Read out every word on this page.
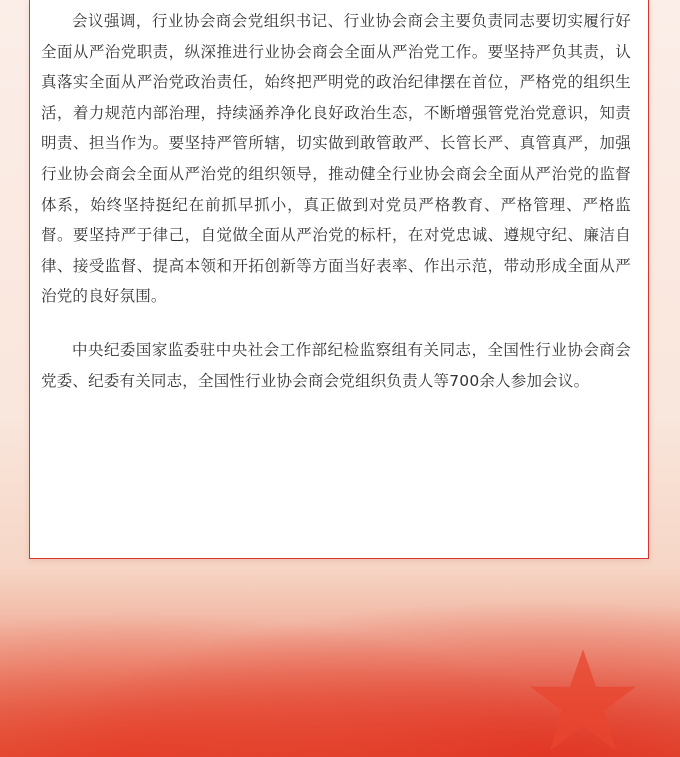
会议强调，行业协会商会党组织书记、行业协会商会主要负责同志要切实履行好全面从严治党职责，纵深推进行业协会商会全面从严治党工作。要坚持严负其责，认真落实全面从严治党政治责任，始终把严明党的政治纪律摆在首位，严格党的组织生活，着力规范内部治理，持续涵养净化良好政治生态，不断增强管党治党意识，知责明责、担当作为。要坚持严管所辖，切实做到敢管敢严、长管长严、真管真严，加强行业协会商会全面从严治党的组织领导，推动健全行业协会商会全面从严治党的监督体系，始终坚持挺纪在前抓早抓小，真正做到对党员严格教育、严格管理、严格监督。要坚持严于律己，自觉做全面从严治党的标杆，在对党忠诚、遵规守纪、廉洁自律、接受监督、提高本领和开拓创新等方面当好表率、作出示范，带动形成全面从严治党的良好氛围。

中央纪委国家监委驻中央社会工作部纪检监察组有关同志，全国性行业协会商会党委、纪委有关同志，全国性行业协会商会党组织负责人等700余人参加会议。
